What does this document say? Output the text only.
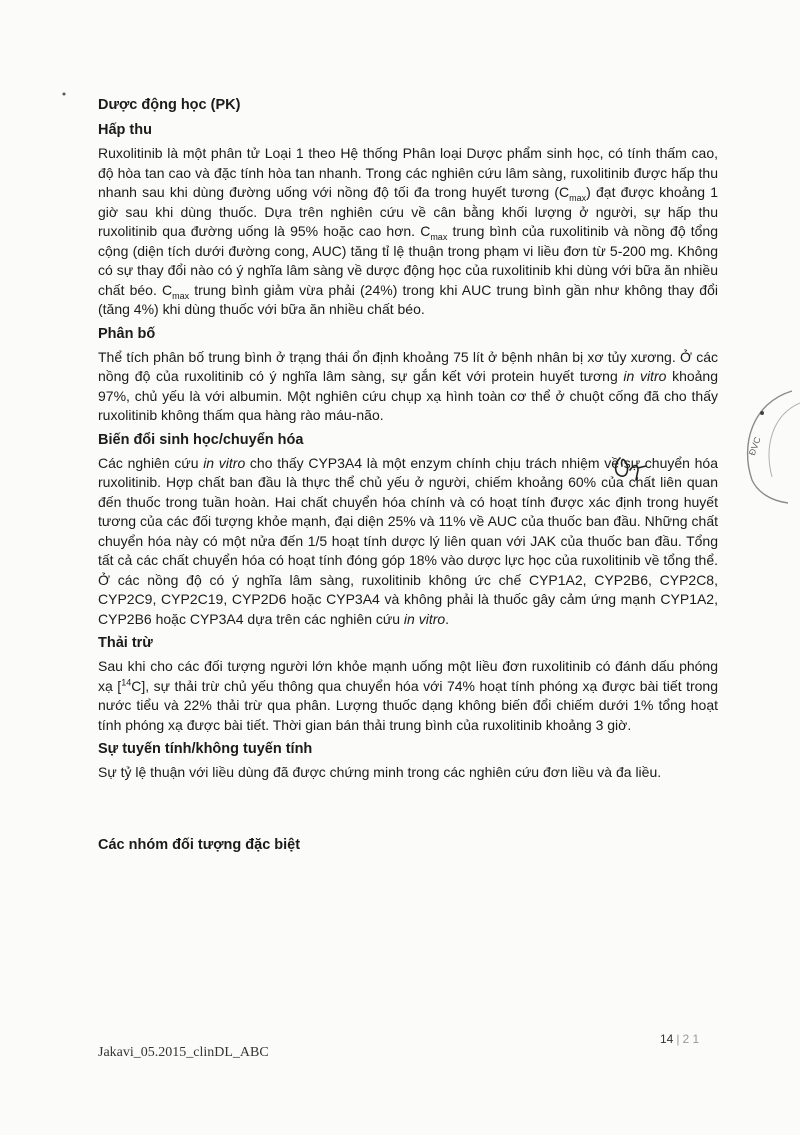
Dược động học (PK)
Hấp thu

Ruxolitinib là một phân tử Loại 1 theo Hệ thống Phân loại Dược phẩm sinh học, có tính thấm cao, độ hòa tan cao và đặc tính hòa tan nhanh. Trong các nghiên cứu lâm sàng, ruxolitinib được hấp thu nhanh sau khi dùng đường uống với nồng độ tối đa trong huyết tương $(C_{max})$ đạt được khoảng 1 giờ sau khi dùng thuốc. Dựa trên nghiên cứu về cân bằng khối lượng ở người, sự hấp thu ruxolitinib qua đường uống là 95% hoặc cao hơn. $C_{max}$ trung bình của ruxolitinib và nồng độ tổng cộng (diện tích dưới đường cong, AUC) tăng tỉ lệ thuận trong phạm vi liều đơn từ 5-200 mg. Không có sự thay đổi nào có ý nghĩa lâm sàng về dược động học của ruxolitinib khi dùng với bữa ăn nhiều chất béo. $C_{max}$ trung bình giảm vừa phải (24%) trong khi AUC trung bình gần như không thay đổi (tăng 4%) khi dùng thuốc với bữa ăn nhiều chất béo.

Phân bố

Thể tích phân bố trung bình ở trạng thái ổn định khoảng 75 lít ở bệnh nhân bị xơ tủy xương. Ở các nồng độ của ruxolitinib có ý nghĩa lâm sàng, sự gắn kết với protein huyết tương in vitro khoảng 97%, chủ yếu là với albumin. Một nghiên cứu chụp xạ hình toàn cơ thể ở chuột cống đã cho thấy ruxolitinib không thấm qua hàng rào máu-não.

Biến đổi sinh học/chuyển hóa

Các nghiên cứu in vitro cho thấy CYP3A4 là một enzym chính chịu trách nhiệm về sự chuyển hóa ruxolitinib. Hợp chất ban đầu là thực thể chủ yếu ở người, chiếm khoảng 60% của chất liên quan đến thuốc trong tuần hoàn. Hai chất chuyển hóa chính và có hoạt tính được xác định trong huyết tương của các đối tượng khỏe mạnh, đại diện 25% và 11% về AUC của thuốc ban đầu. Những chất chuyển hóa này có một nửa đến 1/5 hoạt tính dược lý liên quan với JAK của thuốc ban đầu. Tổng tất cả các chất chuyển hóa có hoạt tính đóng góp 18% vào dược lực học của ruxolitinib về tổng thể. Ở các nồng độ có ý nghĩa lâm sàng, ruxolitinib không ức chế CYP1A2, CYP2B6, CYP2C8, CYP2C9, CYP2C19, CYP2D6 hoặc CYP3A4 và không phải là thuốc gây cảm ứng mạnh CYP1A2, CYP2B6 hoặc CYP3A4 dựa trên các nghiên cứu in vitro.

Thải trừ

Sau khi cho các đối tượng người lớn khỏe mạnh uống một liều đơn ruxolitinib có đánh dấu phóng xạ [$^{14}$C], sự thải trừ chủ yếu thông qua chuyển hóa với 74% hoạt tính phóng xạ được bài tiết trong nước tiểu và 22% thải trừ qua phân. Lượng thuốc dạng không biến đổi chiếm dưới 1% tổng hoạt tính phóng xạ được bài tiết. Thời gian bán thải trung bình của ruxolitinib khoảng 3 giờ.

Sự tuyến tính/không tuyến tính

Sự tỷ lệ thuận với liều dùng đã được chứng minh trong các nghiên cứu đơn liều và đa liều.

Các nhóm đối tượng đặc biệt
ĐVC
Jakavi_05.2015_clinDL_ABC
14 | 2 1
